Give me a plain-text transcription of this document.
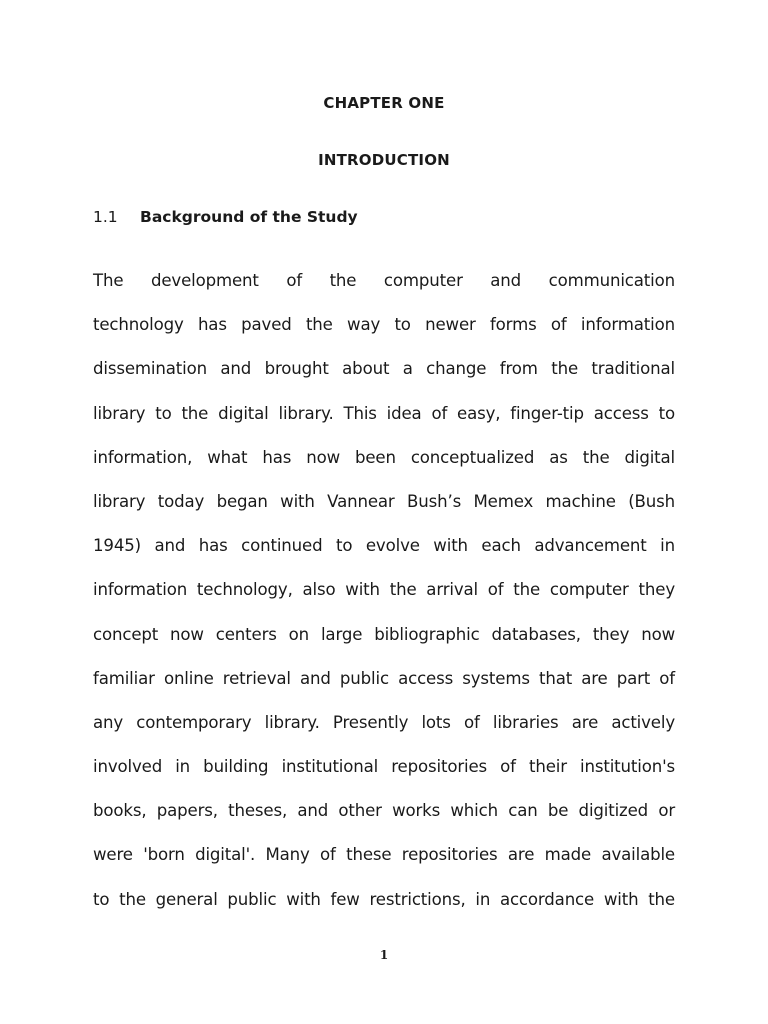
CHAPTER ONE
INTRODUCTION
1.1 Background of the Study
The development of the computer and communication
technology has paved the way to newer forms of information
dissemination and brought about a change from the traditional
library to the digital library. This idea of easy, finger-tip access to
information, what has now been conceptualized as the digital
library today began with Vannear Bush’s Memex machine (Bush
1945) and has continued to evolve with each advancement in
information technology, also with the arrival of the computer they
concept now centers on large bibliographic databases, they now
familiar online retrieval and public access systems that are part of
any contemporary library. Presently lots of libraries are actively
involved in building institutional repositories of their institution's
books, papers, theses, and other works which can be digitized or
were 'born digital'. Many of these repositories are made available
to the general public with few restrictions, in accordance with the
1
